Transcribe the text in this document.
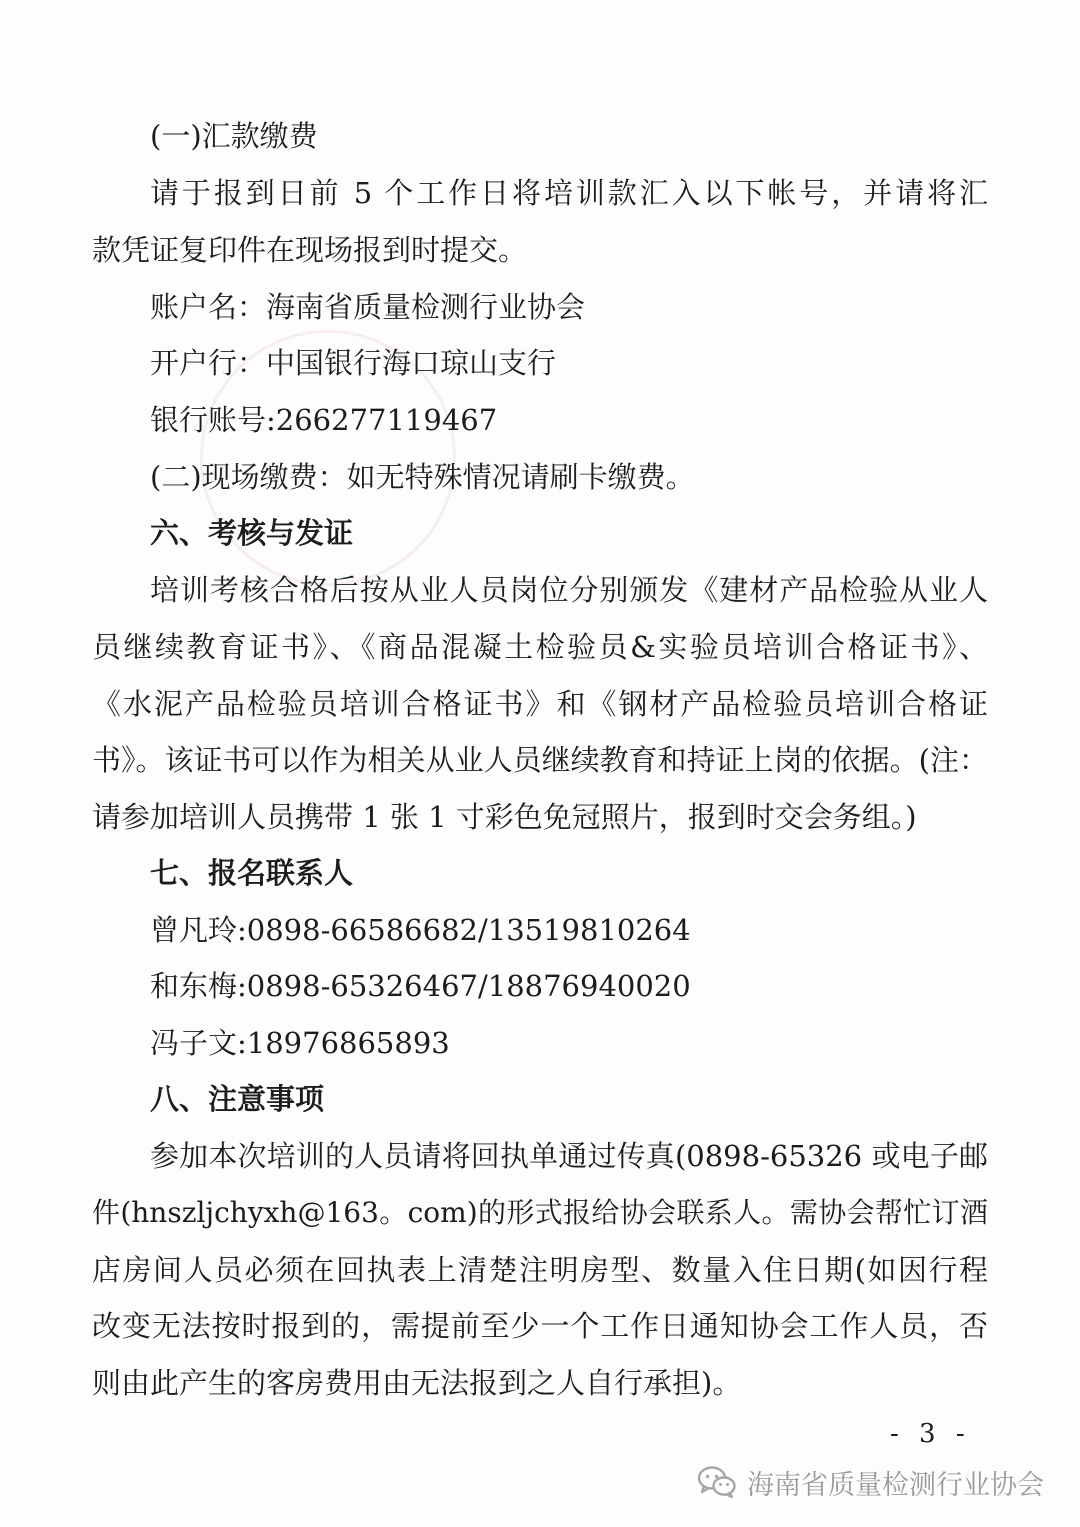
(一)汇款缴费
请于报到日前 5 个工作日将培训款汇入以下帐号，并请将汇
款凭证复印件在现场报到时提交。
账户名：海南省质量检测行业协会
开户行：中国银行海口琼山支行
银行账号:266277119467
(二)现场缴费：如无特殊情况请刷卡缴费。
六、考核与发证
培训考核合格后按从业人员岗位分别颁发《建材产品检验从业人
员继续教育证书》、《商品混凝土检验员&实验员培训合格证书》、
《水泥产品检验员培训合格证书》和《钢材产品检验员培训合格证
书》。该证书可以作为相关从业人员继续教育和持证上岗的依据。(注：
请参加培训人员携带 1 张 1 寸彩色免冠照片，报到时交会务组。)
七、报名联系人
曾凡玲:0898-66586682/13519810264
和东梅:0898-65326467/18876940020
冯子文:18976865893
八、注意事项
参加本次培训的人员请将回执单通过传真(0898-65326 或电子邮
件(hnszljchyxh@163。com)的形式报给协会联系人。需协会帮忙订酒
店房间人员必须在回执表上清楚注明房型、数量入住日期(如因行程
改变无法按时报到的，需提前至少一个工作日通知协会工作人员，否
则由此产生的客房费用由无法报到之人自行承担)。
- 3 -
海南省质量检测行业协会
